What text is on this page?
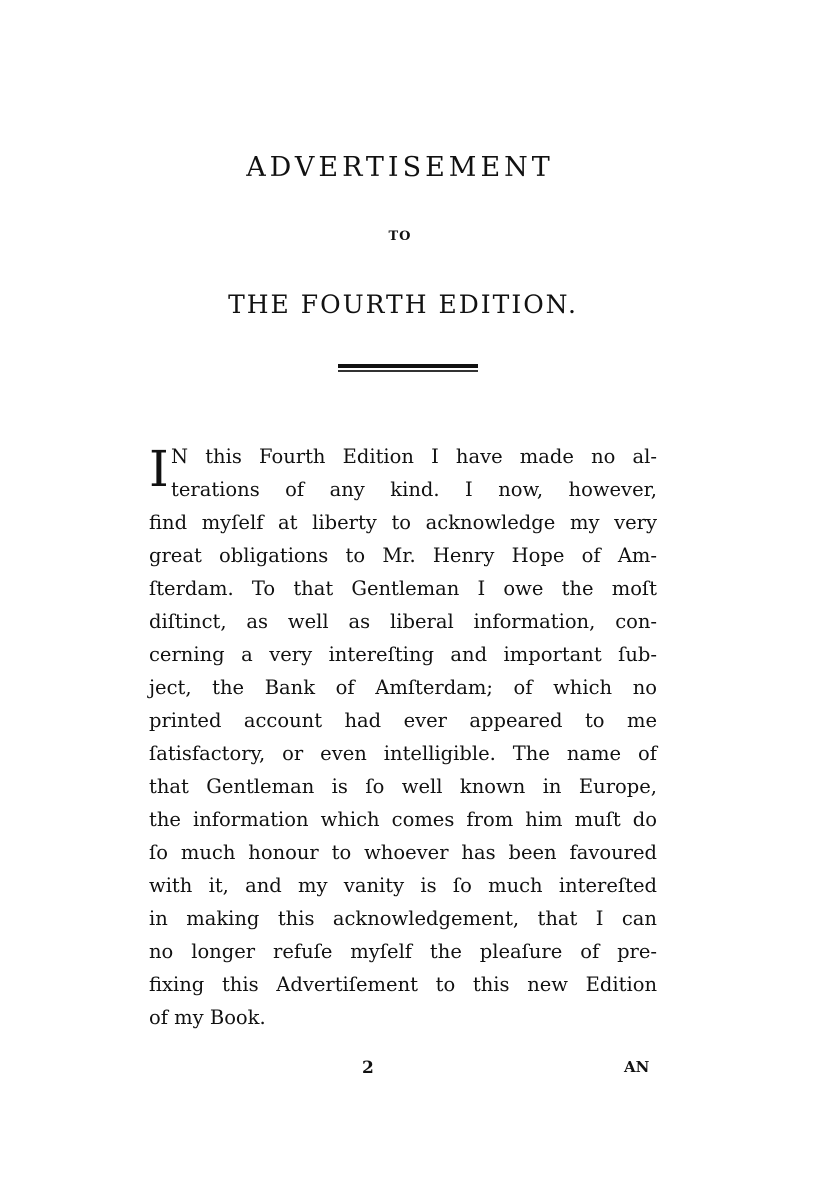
ADVERTISEMENT
TO
THE FOURTH EDITION.
I N this Fourth Edition I have made no al-
terations of any kind. I now, however,
find myſelf at liberty to acknowledge my very
great obligations to Mr. Henry Hope of Am-
ſterdam. To that Gentleman I owe the moſt
diſtinct, as well as liberal information, con-
cerning a very intereſting and important ſub-
ject, the Bank of Amſterdam; of which no
printed account had ever appeared to me
ſatisfactory, or even intelligible. The name of
that Gentleman is ſo well known in Europe,
the information which comes from him muſt do
ſo much honour to whoever has been favoured
with it, and my vanity is ſo much intereſted
in making this acknowledgement, that I can
no longer refuſe myſelf the pleaſure of pre-
fixing this Advertiſement to this new Edition
of my Book.
2	AN
